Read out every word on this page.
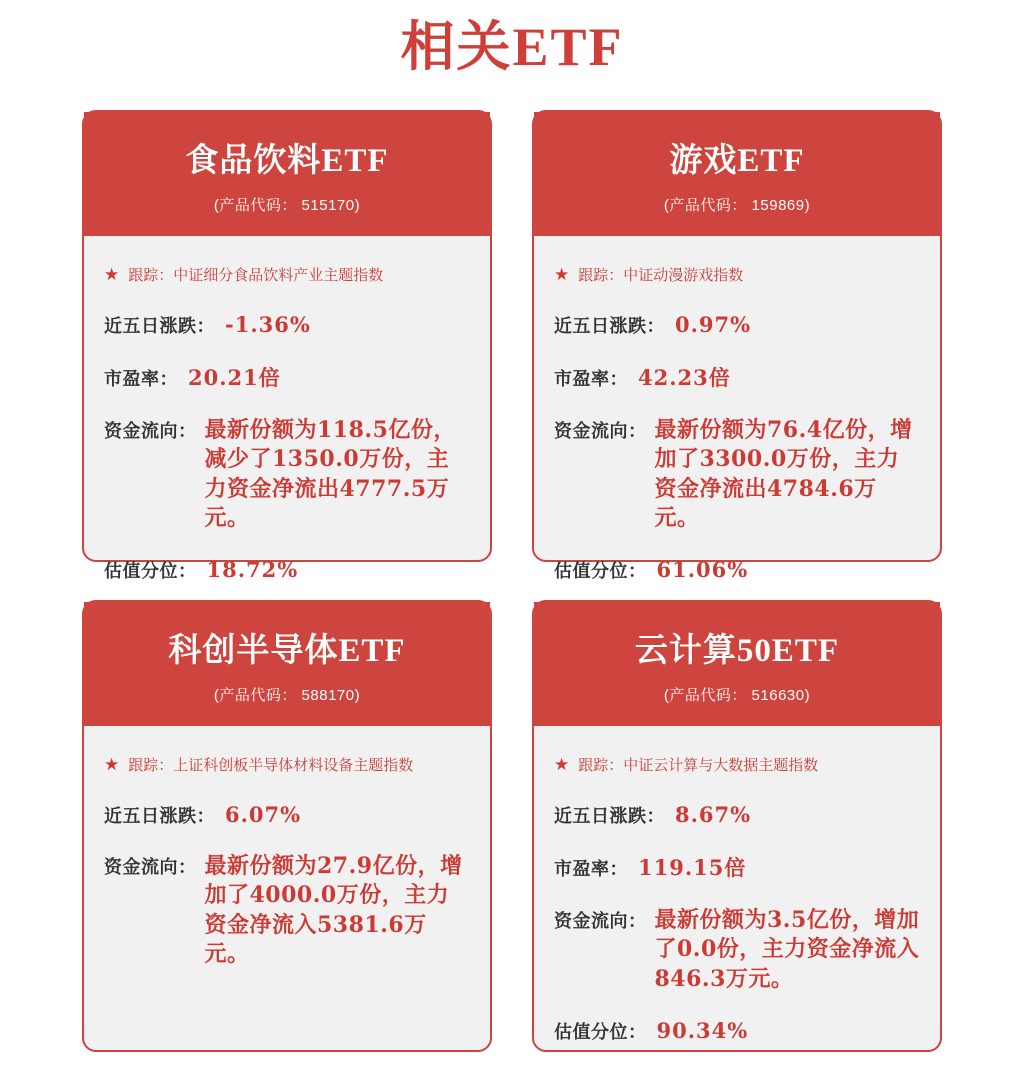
相关ETF
食品饮料ETF
(产品代码： 515170)
★ 跟踪： 中证细分食品饮料产业主题指数
近五日涨跌： -1.36%
市盈率： 20.21倍
资金流向： 最新份额为118.5亿份，减少了1350.0万份，主力资金净流出4777.5万元。
估值分位： 18.72%
游戏ETF
(产品代码： 159869)
★ 跟踪： 中证动漫游戏指数
近五日涨跌： 0.97%
市盈率： 42.23倍
资金流向： 最新份额为76.4亿份，增加了3300.0万份，主力资金净流出4784.6万元。
估值分位： 61.06%
科创半导体ETF
(产品代码： 588170)
★ 跟踪： 上证科创板半导体材料设备主题指数
近五日涨跌： 6.07%
资金流向： 最新份额为27.9亿份，增加了4000.0万份，主力资金净流入5381.6万元。
云计算50ETF
(产品代码： 516630)
★ 跟踪： 中证云计算与大数据主题指数
近五日涨跌： 8.67%
市盈率： 119.15倍
资金流向： 最新份额为3.5亿份，增加了0.0份，主力资金净流入846.3万元。
估值分位： 90.34%
